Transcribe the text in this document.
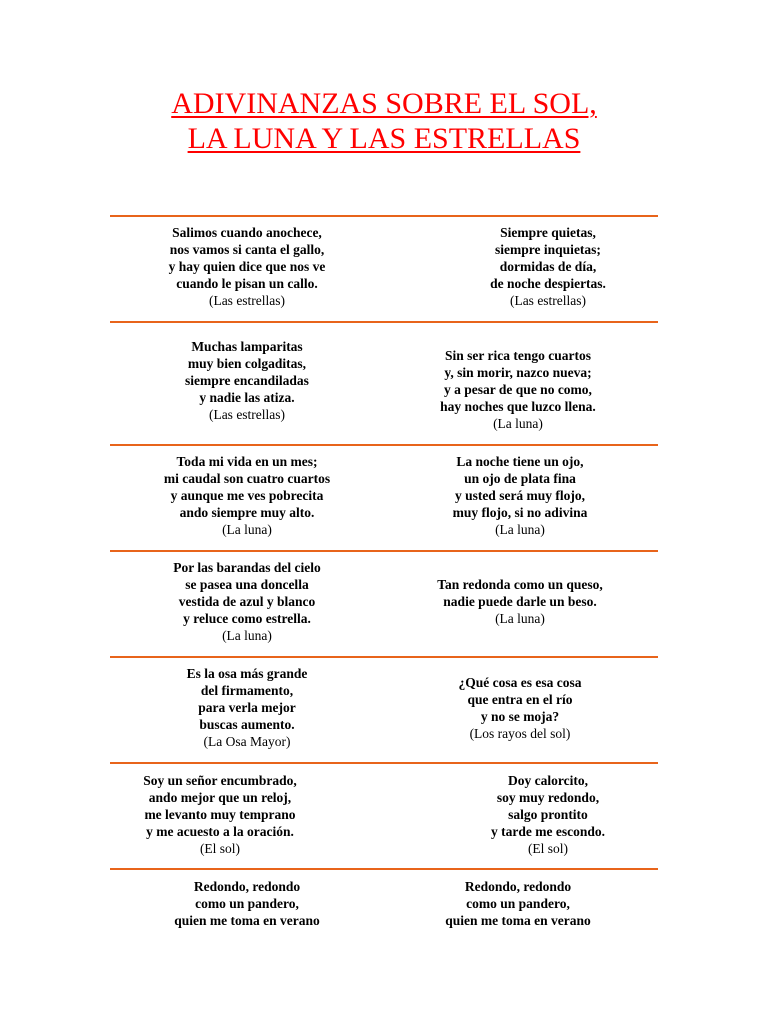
ADIVINANZAS SOBRE EL SOL,
LA LUNA Y LAS ESTRELLAS
Salimos cuando anochece,
nos vamos si canta el gallo,
y hay quien dice que nos ve
cuando le pisan un callo.
(Las estrellas)
Siempre quietas,
siempre inquietas;
dormidas de día,
de noche despiertas.
(Las estrellas)
Muchas lamparitas
muy bien colgaditas,
siempre encandiladas
y nadie las atiza.
(Las estrellas)
Sin ser rica tengo cuartos
y, sin morir, nazco nueva;
y a pesar de que no como,
hay noches que luzco llena.
(La luna)
Toda mi vida en un mes;
mi caudal son cuatro cuartos
y aunque me ves pobrecita
ando siempre muy alto.
(La luna)
La noche tiene un ojo,
un ojo de plata fina
y usted será muy flojo,
muy flojo, si no adivina
(La luna)
Por las barandas del cielo
se pasea una doncella
vestida de azul y blanco
y reluce como estrella.
(La luna)
Tan redonda como un queso,
nadie puede darle un beso.
(La luna)
Es la osa más grande
del firmamento,
para verla mejor
buscas aumento.
(La Osa Mayor)
¿Qué cosa es esa cosa
que entra en el río
y no se moja?
(Los rayos del sol)
Soy un señor encumbrado,
ando mejor que un reloj,
me levanto muy temprano
y me acuesto a la oración.
(El sol)
Doy calorcito,
soy muy redondo,
salgo prontito
y tarde me escondo.
(El sol)
Redondo, redondo
como un pandero,
quien me toma en verano
Redondo, redondo
como un pandero,
quien me toma en verano
